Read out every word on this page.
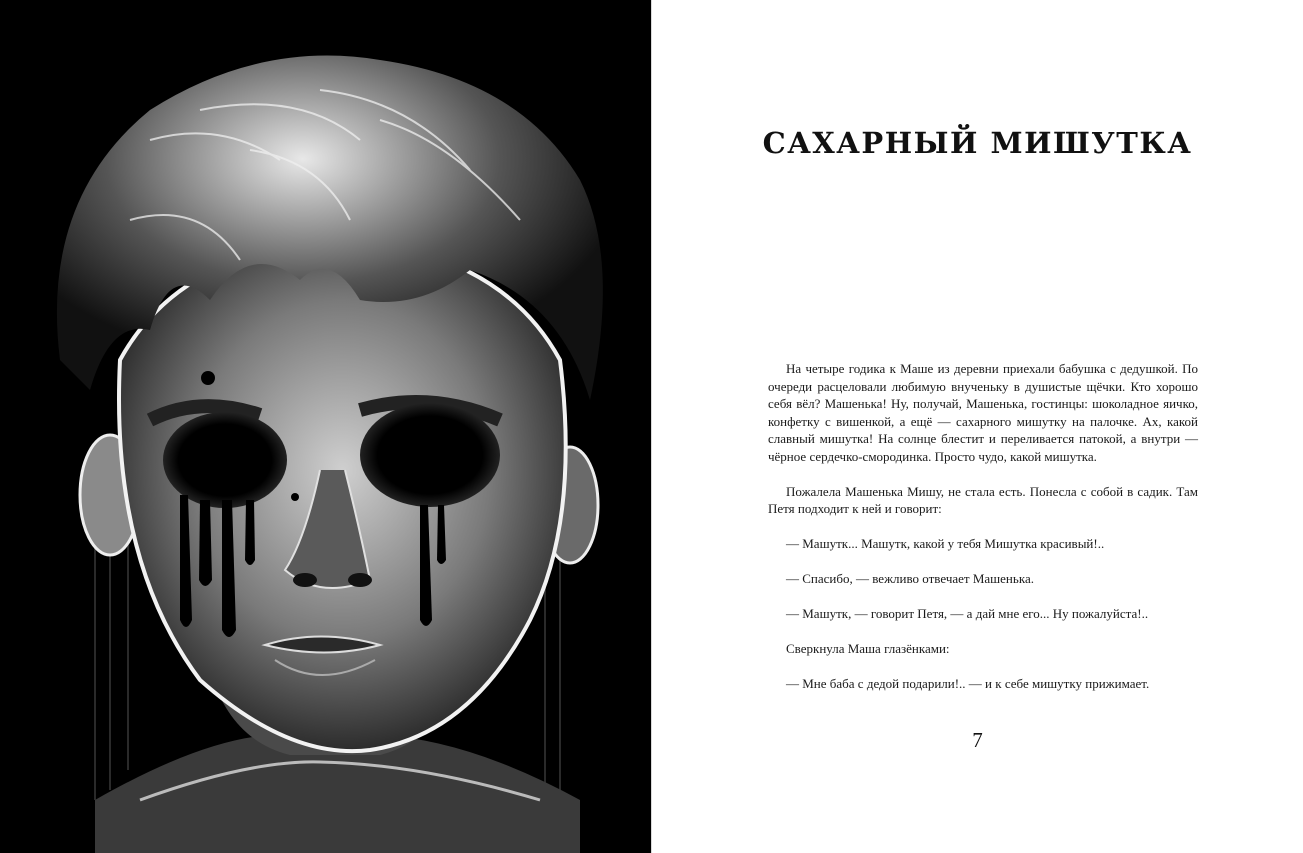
САХАРНЫЙ МИШУТКА

На четыре годика к Маше из деревни приехали бабушка с дедушкой. По очереди расцеловали любимую внученьку в душистые щёчки. Кто хорошо себя вёл? Машенька! Ну, получай, Машенька, гостинцы: шоколадное яичко, конфетку с вишенкой, а ещё — сахарного мишутку на палочке. Ах, какой славный мишутка! На солнце блестит и переливается патокой, а внутри — чёрное сердечко-смородинка. Просто чудо, какой мишутка.

Пожалела Машенька Мишу, не стала есть. Понесла с собой в садик. Там Петя подходит к ней и говорит:

— Машутк... Машутк, какой у тебя Мишутка красивый!..

— Спасибо, — вежливо отвечает Машенька.

— Машутк, — говорит Петя, — а дай мне его... Ну пожалуйста!..

Сверкнула Маша глазёнками:

— Мне баба с дедой подарили!.. — и к себе мишутку прижимает.

7
